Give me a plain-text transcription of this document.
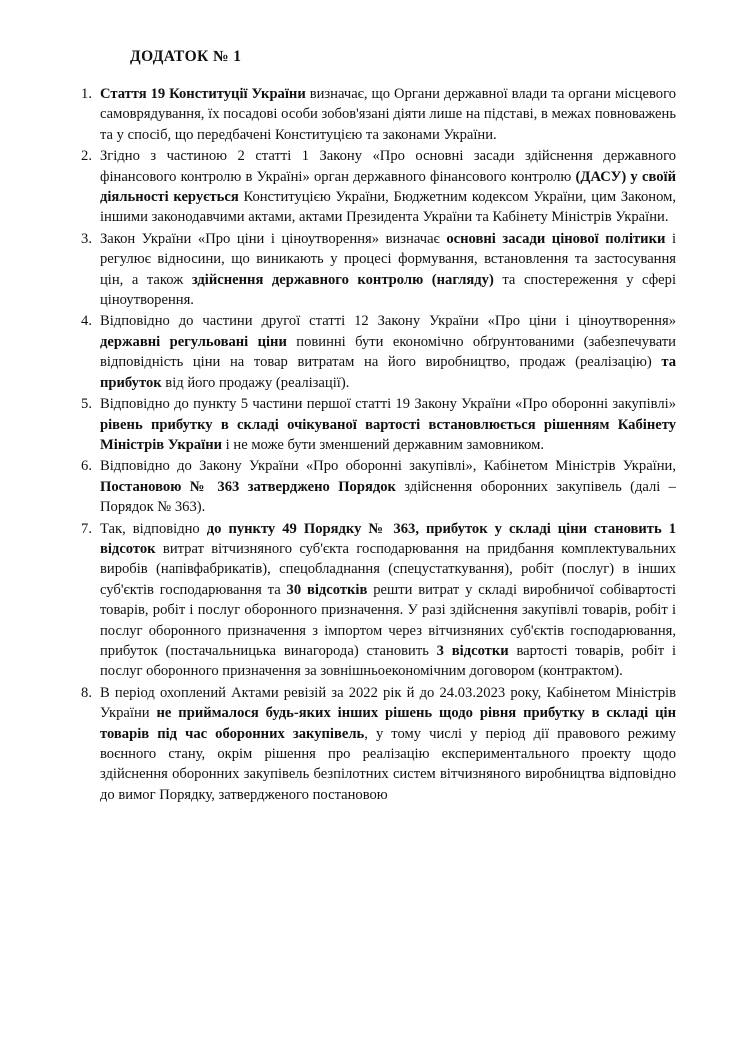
ДОДАТОК № 1

Стаття 19 Конституції України визначає, що Органи державної влади та органи місцевого самоврядування, їх посадові особи зобов'язані діяти лише на підставі, в межах повноважень та у спосіб, що передбачені Конституцією та законами України.

Згідно з частиною 2 статті 1 Закону «Про основні засади здійснення державного фінансового контролю в Україні» орган державного фінансового контролю (ДАСУ) у своїй діяльності керується Конституцією України, Бюджетним кодексом України, цим Законом, іншими законодавчими актами, актами Президента України та Кабінету Міністрів України.

Закон України «Про ціни і ціноутворення» визначає основні засади цінової політики і регулює відносини, що виникають у процесі формування, встановлення та застосування цін, а також здійснення державного контролю (нагляду) та спостереження у сфері ціноутворення.

Відповідно до частини другої статті 12 Закону України «Про ціни і ціноутворення» державні регульовані ціни повинні бути економічно обґрунтованими (забезпечувати відповідність ціни на товар витратам на його виробництво, продаж (реалізацію) та прибуток від його продажу (реалізації).

Відповідно до пункту 5 частини першої статті 19 Закону України «Про оборонні закупівлі» рівень прибутку в складі очікуваної вартості встановлюється рішенням Кабінету Міністрів України і не може бути зменшений державним замовником.

Відповідно до Закону України «Про оборонні закупівлі», Кабінетом Міністрів України, Постановою № 363 затверджено Порядок здійснення оборонних закупівель (далі – Порядок № 363).

Так, відповідно до пункту 49 Порядку № 363, прибуток у складі ціни становить 1 відсоток витрат вітчизняного суб'єкта господарювання на придбання комплектувальних виробів (напівфабрикатів), спецобладнання (спецустаткування), робіт (послуг) в інших суб'єктів господарювання та 30 відсотків решти витрат у складі виробничої собівартості товарів, робіт і послуг оборонного призначення. У разі здійснення закупівлі товарів, робіт і послуг оборонного призначення з імпортом через вітчизняних суб'єктів господарювання, прибуток (постачальницька винагорода) становить 3 відсотки вартості товарів, робіт і послуг оборонного призначення за зовнішньоекономічним договором (контрактом).

В період охоплений Актами ревізій за 2022 рік й до 24.03.2023 року, Кабінетом Міністрів України не приймалося будь-яких інших рішень щодо рівня прибутку в складі цін товарів під час оборонних закупівель, у тому числі у період дії правового режиму воєнного стану, окрім рішення про реалізацію експериментального проекту щодо здійснення оборонних закупівель безпілотних систем вітчизняного виробництва відповідно до вимог Порядку, затвердженого постановою
